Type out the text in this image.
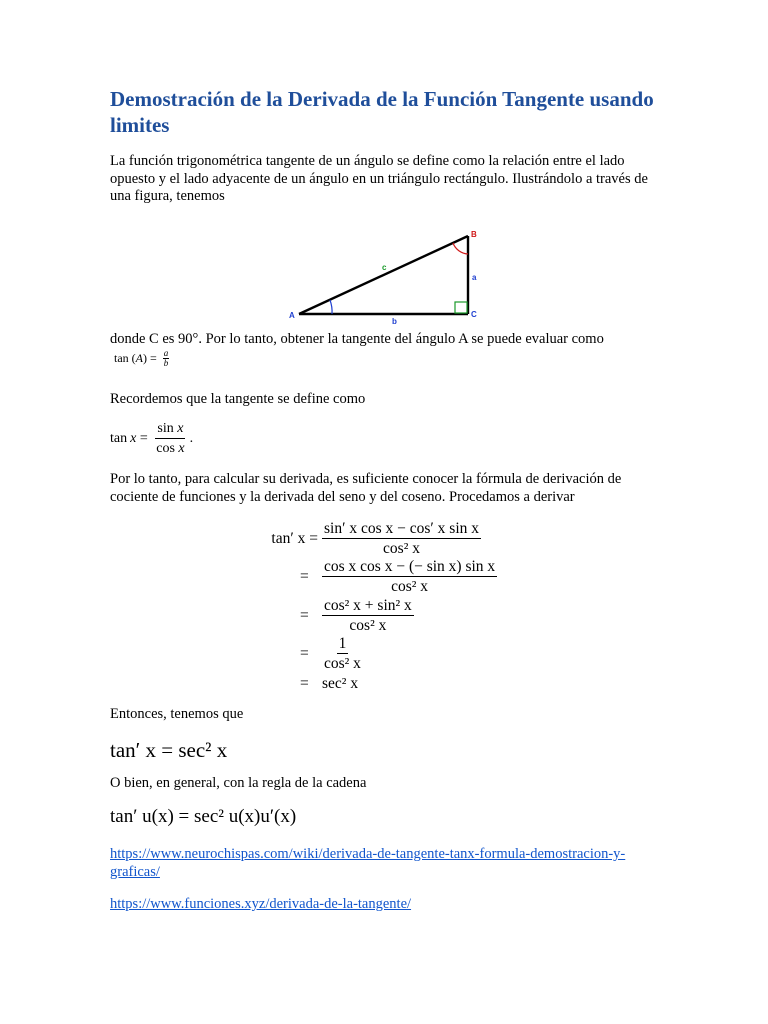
Demostración de la Derivada de la Función Tangente usando limites

La función trigonométrica tangente de un ángulo se define como la relación entre el lado opuesto y el lado adyacente de un ángulo en un triángulo rectángulo. Ilustrándolo a través de una figura, tenemos

A
B
C
a
b
c

donde C es 90°. Por lo tanto, obtener la tangente del ángulo A se puede evaluar como

tan ( A ) = $\frac{a}{b}$

Recordemos que la tangente se define como

$\tan x = \frac{\text{sin x}}{\text{cos x}}$ .

Por lo tanto, para calcular su derivada, es suficiente conocer la fórmula de derivación de cociente de funciones y la derivada del seno y del coseno. Procedamos a derivar

tan′ $x = \frac{\text{sin′ x cos x − cos′ x sin x}}{\text{cos² x}}$
= $\frac{\text{cos x cos x − (− sin x) sin x}}{\text{cos² x}}$
= $\frac{\text{cos² x + sin² x}}{\text{cos² x}}$
= $\frac{1}{\text{cos² x}}$
= sec² x

Entonces, tenemos que

tan′ x = sec² x

O bien, en general, con la regla de la cadena

tan′ u(x) = sec² u(x)u′(x)
https://www.neurochispas.com/wiki/derivada-de-tangente-tanx-formula-demostracion-y-graficas/
https://www.funciones.xyz/derivada-de-la-tangente/
